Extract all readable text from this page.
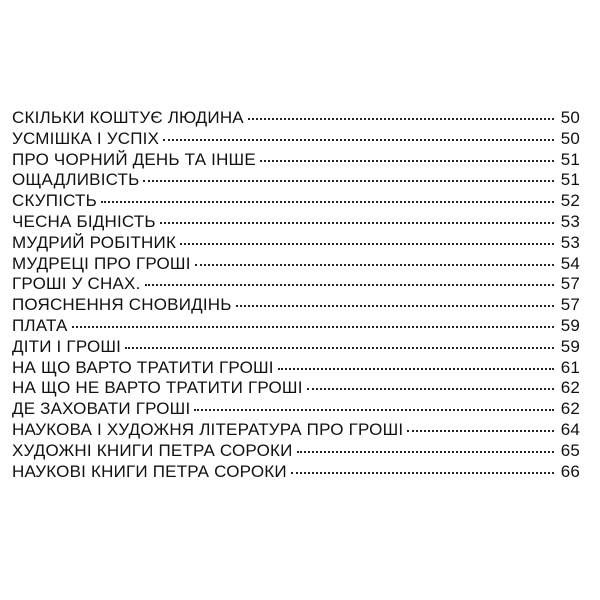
СКІЛЬКИ КОШТУЄ ЛЮДИНА	50
УСМІШКА І УСПІХ	50
ПРО ЧОРНИЙ ДЕНЬ ТА ІНШЕ	51
ОЩАДЛИВІСТЬ	51
СКУПІСТЬ	52
ЧЕСНА БІДНІСТЬ	53
МУДРИЙ РОБІТНИК	53
МУДРЕЦІ ПРО ГРОШІ	54
ГРОШІ У СНАХ.	57
ПОЯСНЕННЯ СНОВИДІНЬ	57
ПЛАТА	59
ДІТИ І ГРОШІ	59
НА ЩО ВАРТО ТРАТИТИ ГРОШІ	61
НА ЩО НЕ ВАРТО ТРАТИТИ ГРОШІ	62
ДЕ ЗАХОВАТИ ГРОШІ	62
НАУКОВА І ХУДОЖНЯ ЛІТЕРАТУРА ПРО ГРОШІ	64
ХУДОЖНІ КНИГИ ПЕТРА СОРОКИ	65
НАУКОВІ КНИГИ ПЕТРА СОРОКИ	66
